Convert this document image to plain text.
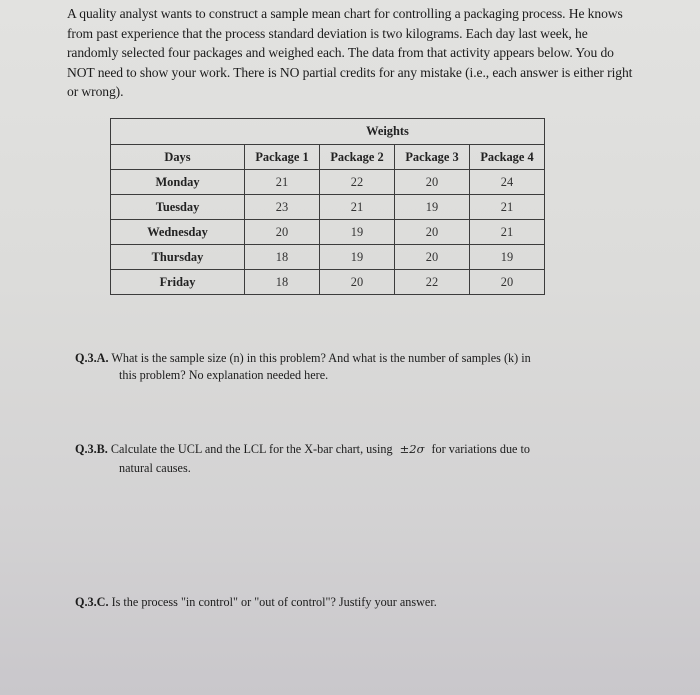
A quality analyst wants to construct a sample mean chart for controlling a packaging process. He knows from past experience that the process standard deviation is two kilograms. Each day last week, he randomly selected four packages and weighed each. The data from that activity appears below. You do NOT need to show your work. There is NO partial credits for any mistake (i.e., each answer is either right or wrong).

Weights				
Days	Package 1	Package 2	Package 3	Package 4
Monday	21	22	20	24
Tuesday	23	21	19	21
Wednesday	20	19	20	21
Thursday	18	19	20	19
Friday	18	20	22	20

Q.3.A. What is the sample size (n) in this problem? And what is the number of samples (k) in
this problem? No explanation needed here.

Q.3.B. Calculate the UCL and the LCL for the X-bar chart, using ±2σ for variations due to
natural causes.

Q.3.C. Is the process "in control" or "out of control"? Justify your answer.
